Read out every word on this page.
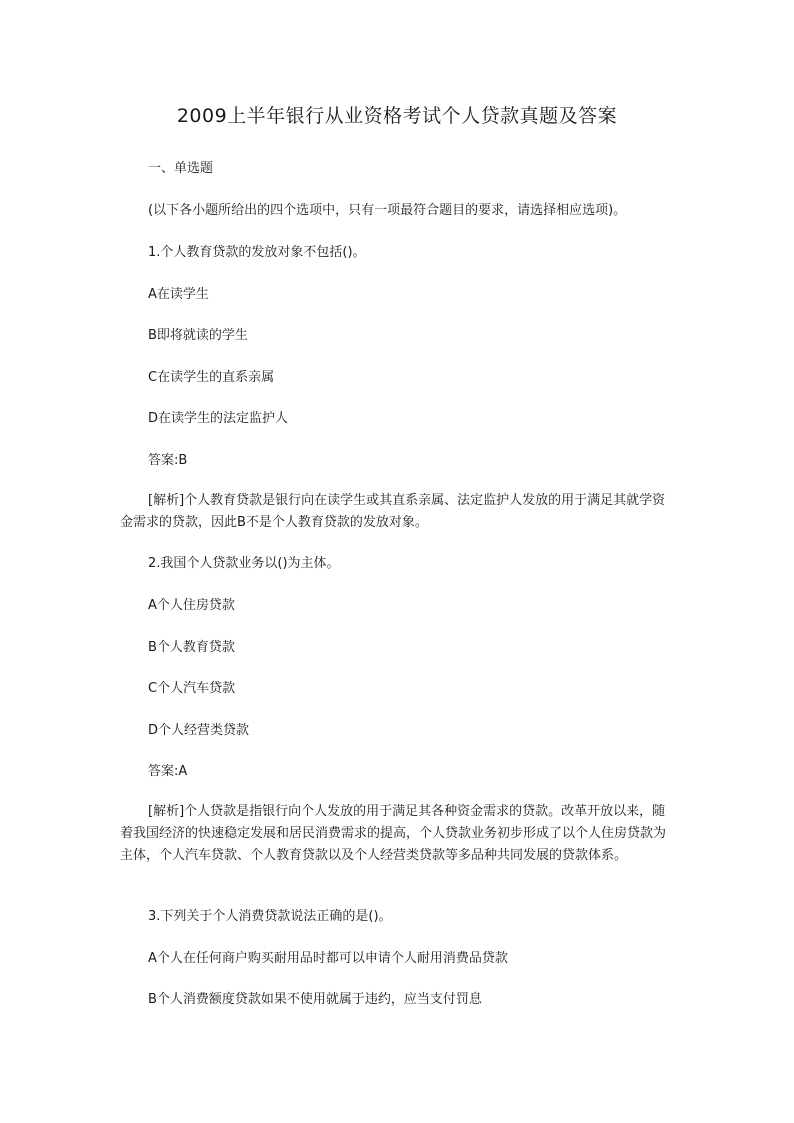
2009上半年银行从业资格考试个人贷款真题及答案
一、单选题
(以下各小题所给出的四个选项中，只有一项最符合题目的要求，请选择相应选项)。
1.个人教育贷款的发放对象不包括()。
A在读学生
B即将就读的学生
C在读学生的直系亲属
D在读学生的法定监护人
答案:B
[解析]个人教育贷款是银行向在读学生或其直系亲属、法定监护人发放的用于满足其就学资金需求的贷款，因此B不是个人教育贷款的发放对象。
2.我国个人贷款业务以()为主体。
A个人住房贷款
B个人教育贷款
C个人汽车贷款
D个人经营类贷款
答案:A
[解析]个人贷款是指银行向个人发放的用于满足其各种资金需求的贷款。改革开放以来，随着我国经济的快速稳定发展和居民消费需求的提高，个人贷款业务初步形成了以个人住房贷款为主体，个人汽车贷款、个人教育贷款以及个人经营类贷款等多品种共同发展的贷款体系。
3.下列关于个人消费贷款说法正确的是()。
A个人在任何商户购买耐用品时都可以申请个人耐用消费品贷款
B个人消费额度贷款如果不使用就属于违约，应当支付罚息
